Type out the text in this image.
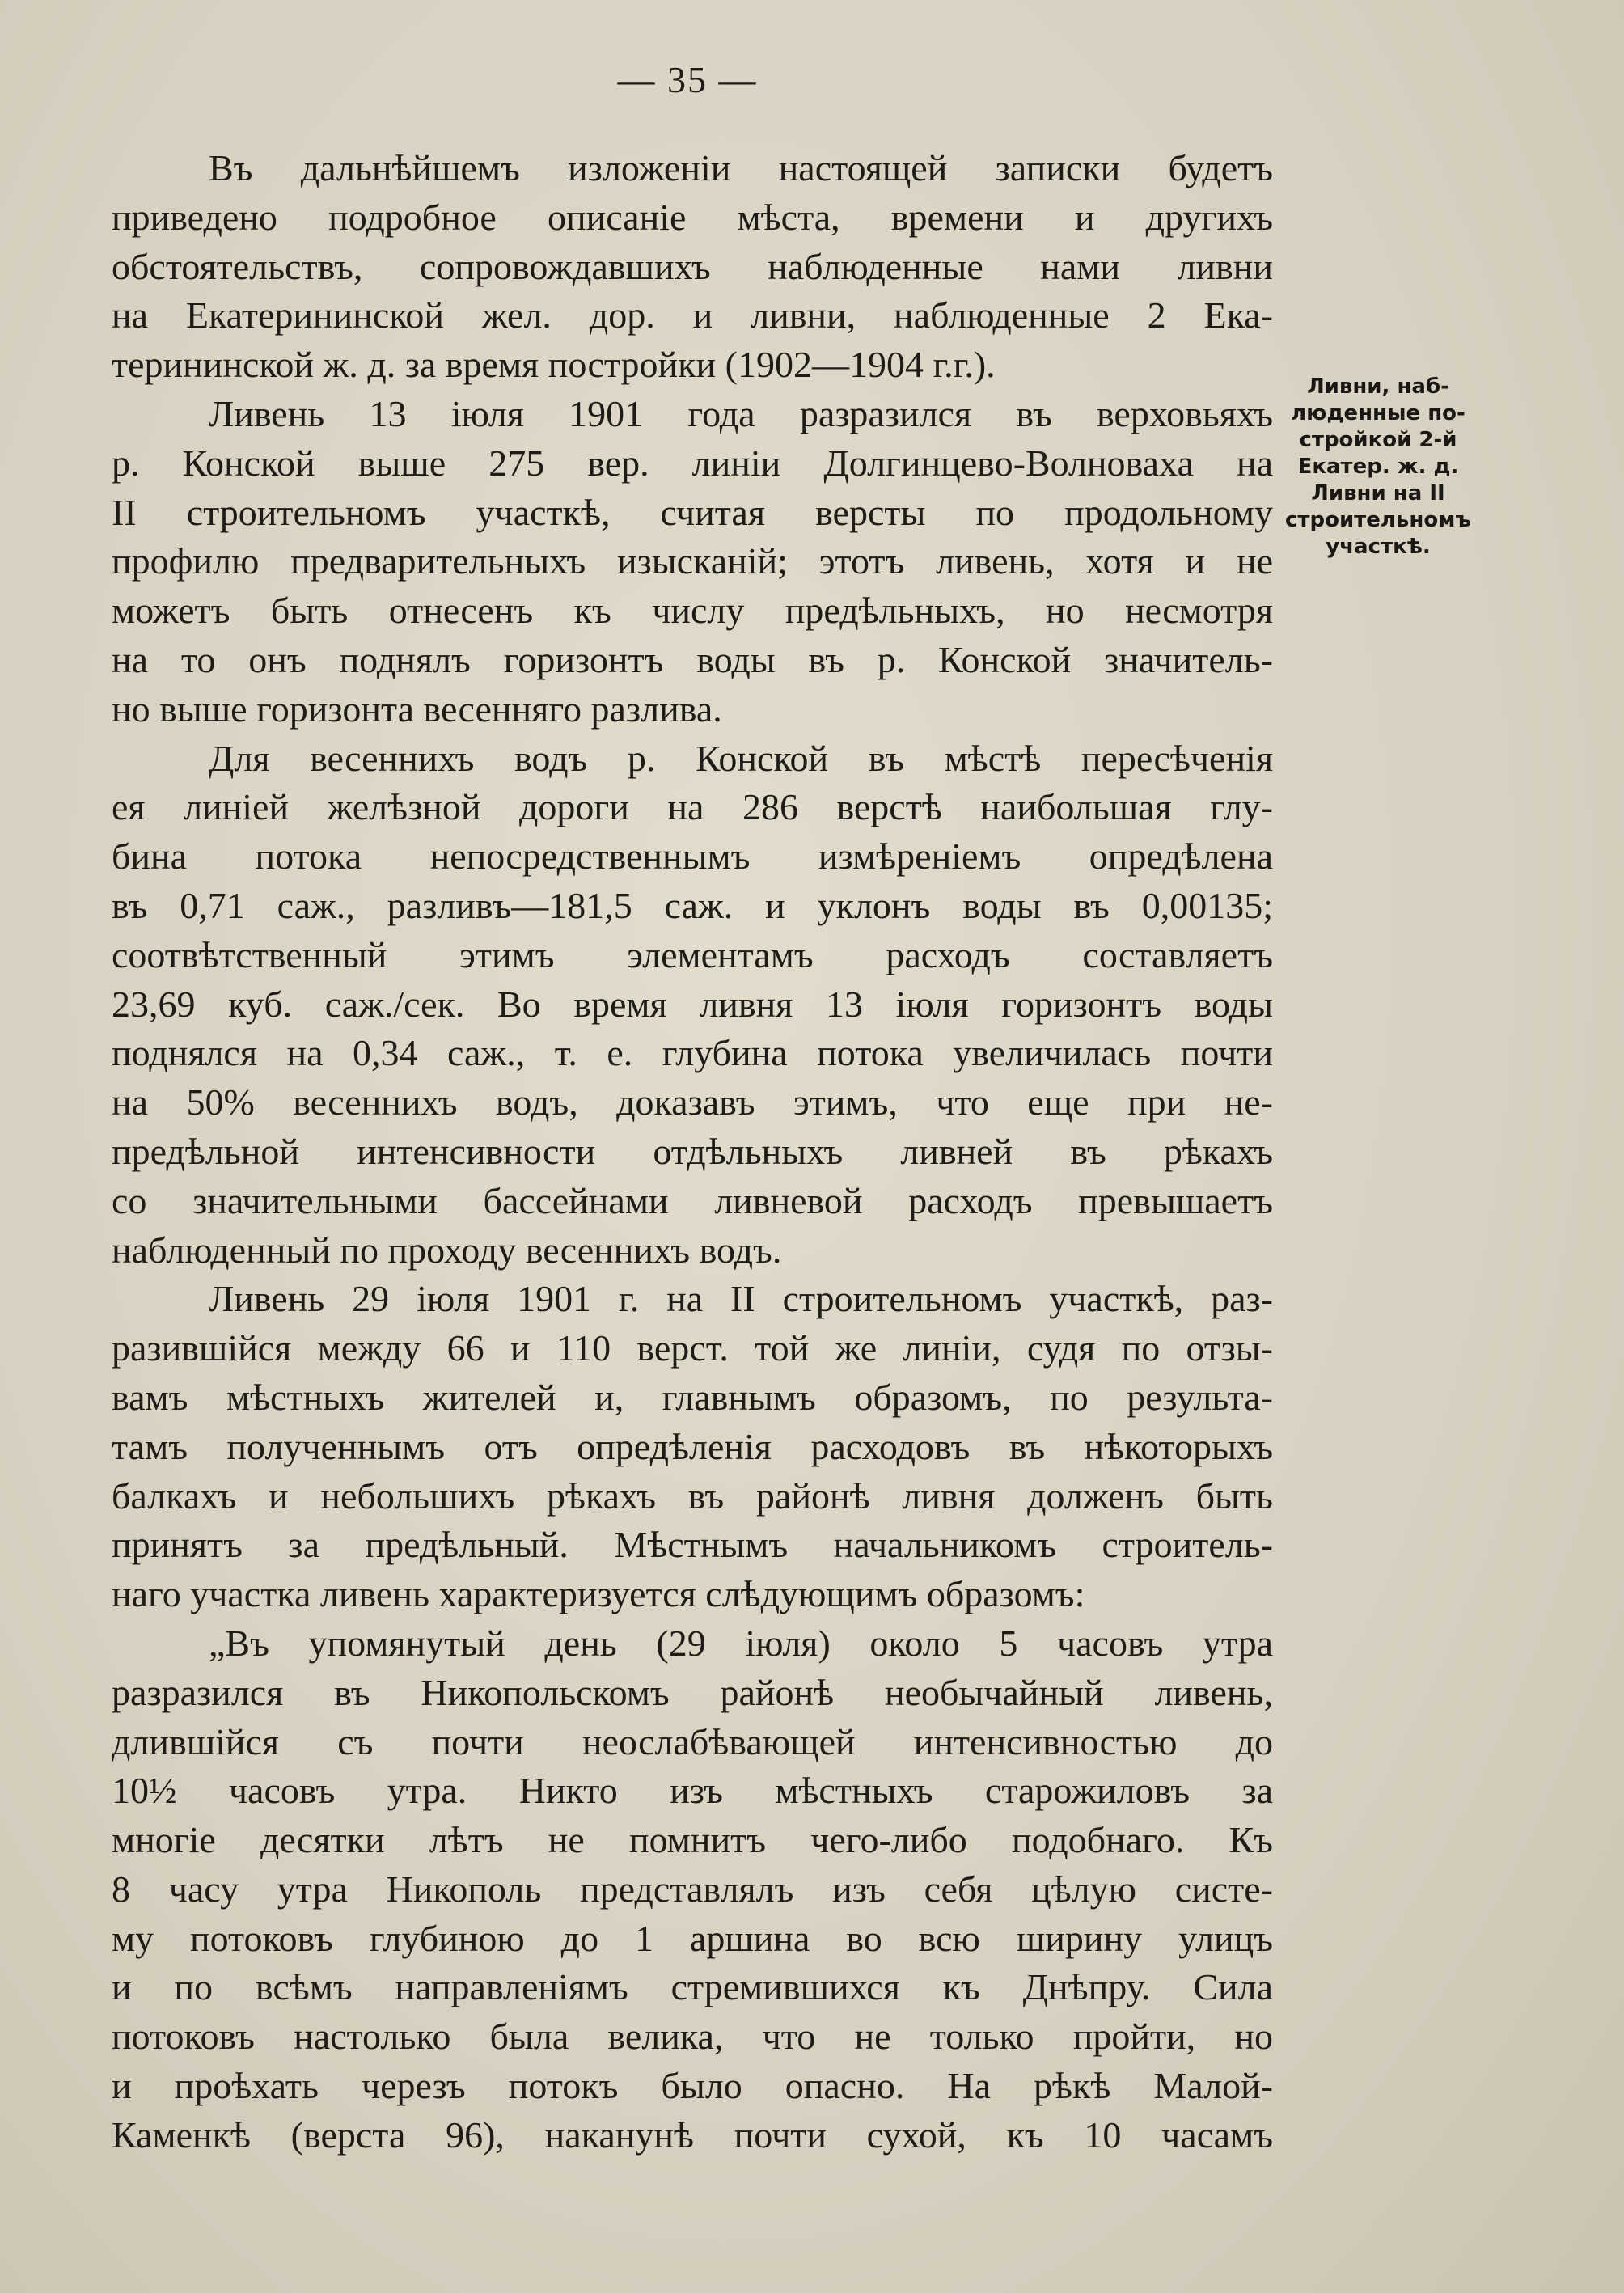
— 35 —
Въ дальнѣйшемъ изложенiи настоящей записки будетъ
приведено подробное описанiе мѣста, времени и другихъ
обстоятельствъ, сопровождавшихъ наблюденные нами ливни
на Екатерининской жел. дор. и ливни, наблюденные 2 Ека-
терининской ж. д. за время постройки (1902—1904 г.г.).
Ливень 13 iюля 1901 года разразился въ верховьяхъ
р. Конской выше 275 вер. линiи Долгинцево-Волноваха на
II строительномъ участкѣ, считая версты по продольному
профилю предварительныхъ изысканiй; этотъ ливень, хотя и не
можетъ быть отнесенъ къ числу предѣльныхъ, но несмотря
на то онъ поднялъ горизонтъ воды въ р. Конской значитель-
но выше горизонта весенняго разлива.
Для весеннихъ водъ р. Конской въ мѣстѣ пересѣченiя
ея линiей желѣзной дороги на 286 верстѣ наибольшая глу-
бина потока непосредственнымъ измѣренiемъ опредѣлена
въ 0,71 саж., разливъ—181,5 саж. и уклонъ воды въ 0,00135;
соотвѣтственный этимъ элементамъ расходъ составляетъ
23,69 куб. саж./сек. Во время ливня 13 iюля горизонтъ воды
поднялся на 0,34 саж., т. е. глубина потока увеличилась почти
на 50% весеннихъ водъ, доказавъ этимъ, что еще при не-
предѣльной интенсивности отдѣльныхъ ливней въ рѣкахъ
со значительными бассейнами ливневой расходъ превышаетъ
наблюденный по проходу весеннихъ водъ.
Ливень 29 iюля 1901 г. на II строительномъ участкѣ, раз-
разившiйся между 66 и 110 верст. той же линiи, судя по отзы-
вамъ мѣстныхъ жителей и, главнымъ образомъ, по результа-
тамъ полученнымъ отъ опредѣленiя расходовъ въ нѣкоторыхъ
балкахъ и небольшихъ рѣкахъ въ районѣ ливня долженъ быть
принятъ за предѣльный. Мѣстнымъ начальникомъ строитель-
наго участка ливень характеризуется слѣдующимъ образомъ:
„Въ упомянутый день (29 iюля) около 5 часовъ утра
разразился въ Никопольскомъ районѣ необычайный ливень,
длившiйся съ почти неослабѣвающей интенсивностью до
10½ часовъ утра. Никто изъ мѣстныхъ старожиловъ за
многiе десятки лѣтъ не помнитъ чего-либо подобнаго. Къ
8 часу утра Никополь представлялъ изъ себя цѣлую систе-
му потоковъ глубиною до 1 аршина во всю ширину улицъ
и по всѣмъ направленiямъ стремившихся къ Днѣпру. Сила
потоковъ настолько была велика, что не только пройти, но
и проѣхать черезъ потокъ было опасно. На рѣкѣ Малой-
Каменкѣ (верста 96), наканунѣ почти сухой, къ 10 часамъ
Ливни, наб-
люденные по-
стройкой 2-й
Екатер. ж. д.
Ливни на II
строительномъ
участкѣ.
